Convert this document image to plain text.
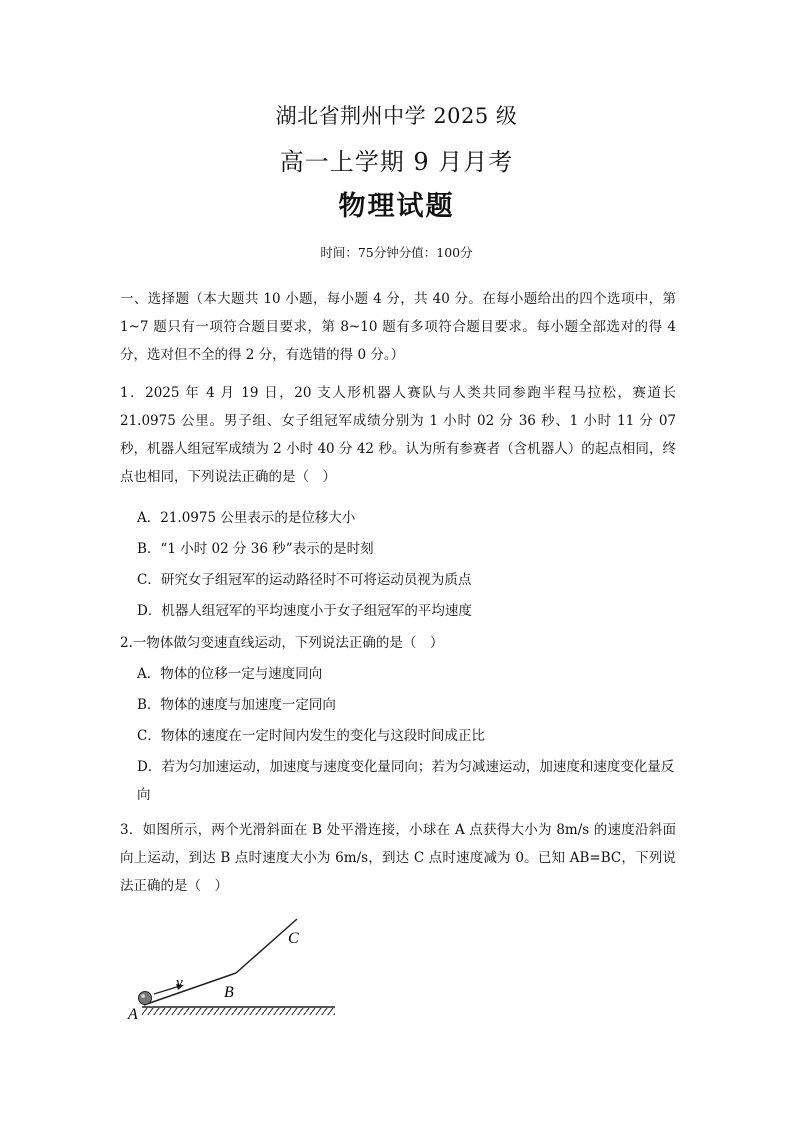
湖北省荆州中学 2025 级
高一上学期 9 月月考
物理试题
时间：75分钟分值：100分
一、选择题（本大题共 10 小题，每小题 4 分，共 40 分。在每小题给出的四个选项中，第 1~7 题只有一项符合题目要求，第 8~10 题有多项符合题目要求。每小题全部选对的得 4 分，选对但不全的得 2 分，有选错的得 0 分。）
1．2025 年 4 月 19 日，20 支人形机器人赛队与人类共同参跑半程马拉松，赛道长 21.0975 公里。男子组、女子组冠军成绩分别为 1 小时 02 分 36 秒、1 小时 11 分 07 秒，机器人组冠军成绩为 2 小时 40 分 42 秒。认为所有参赛者（含机器人）的起点相同，终点也相同，下列说法正确的是（　）
A．21.0975 公里表示的是位移大小
B．“1 小时 02 分 36 秒”表示的是时刻
C．研究女子组冠军的运动路径时不可将运动员视为质点
D．机器人组冠军的平均速度小于女子组冠军的平均速度
2.一物体做匀变速直线运动，下列说法正确的是（　）
A．物体的位移一定与速度同向
B．物体的速度与加速度一定同向
C．物体的速度在一定时间内发生的变化与这段时间成正比
D．若为匀加速运动，加速度与速度变化量同向；若为匀减速运动，加速度和速度变化量反向
3．如图所示，两个光滑斜面在 B 处平滑连接，小球在 A 点获得大小为 8m/s 的速度沿斜面向上运动，到达 B 点时速度大小为 6m/s，到达 C 点时速度减为 0。已知 AB=BC，下列说法正确的是（　）
v
A
B
C
